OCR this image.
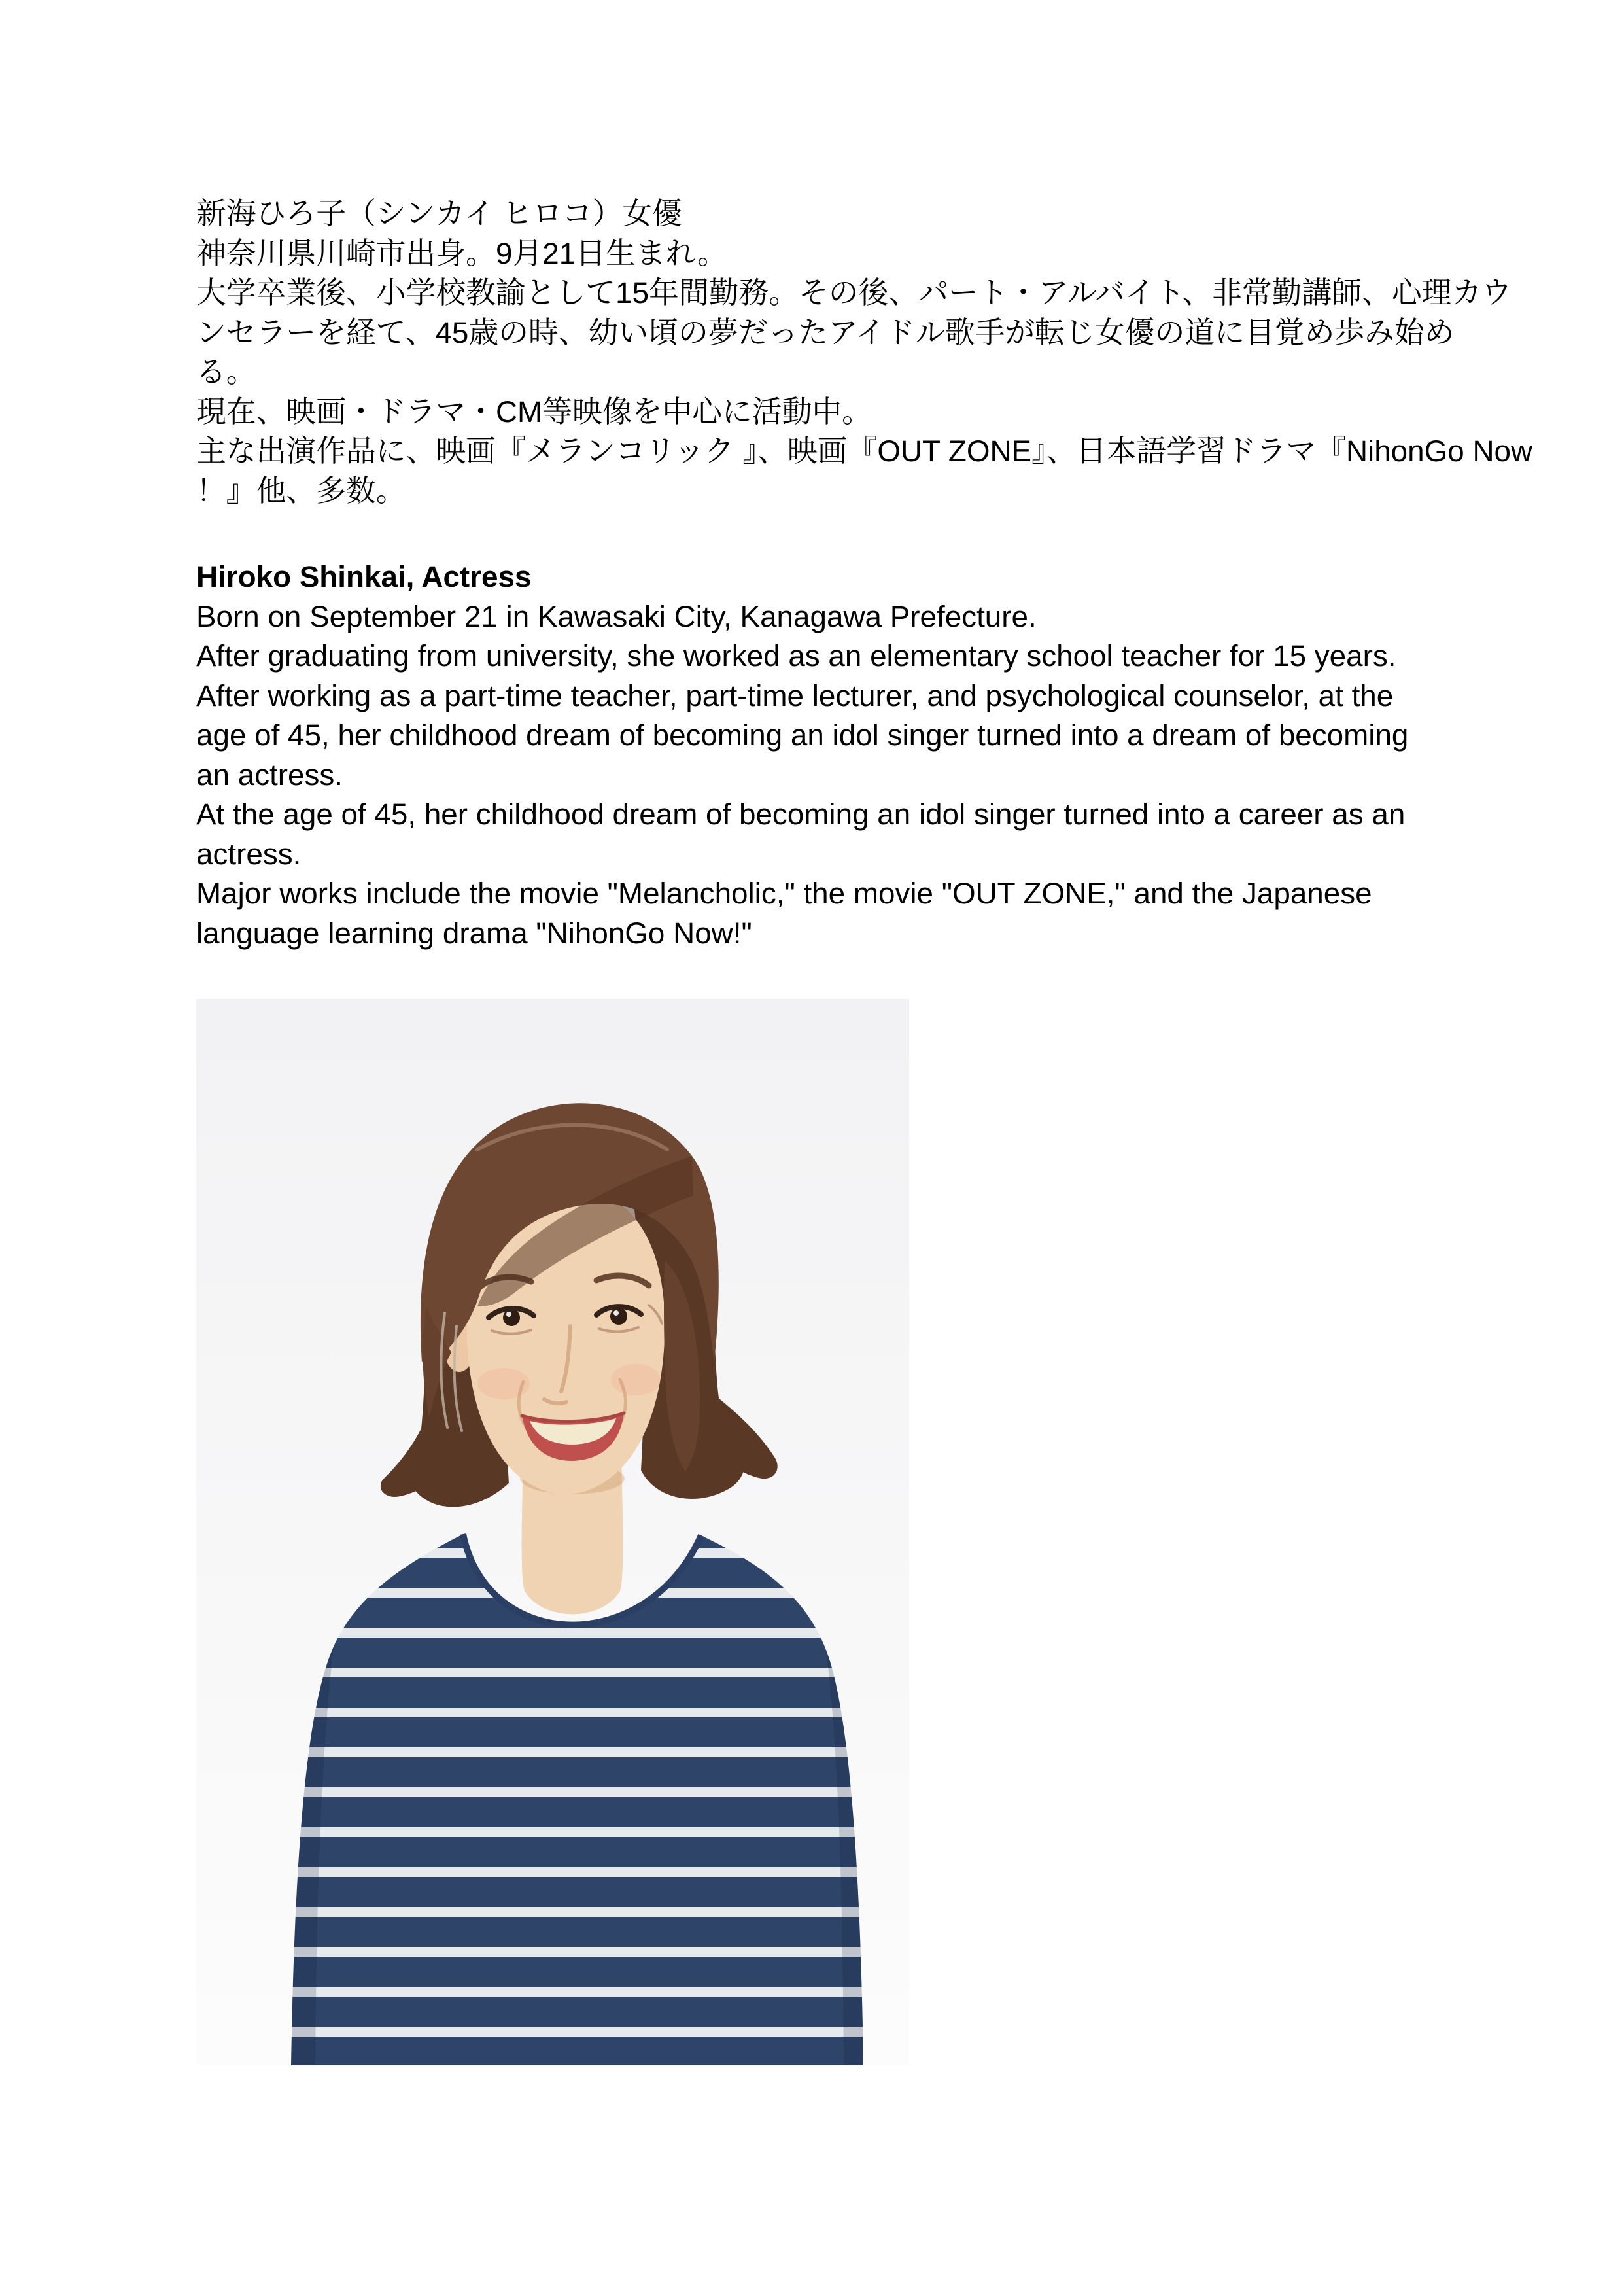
新海ひろ子（シンカイ ヒロコ）女優
神奈川県川崎市出身。9月21日生まれ。
大学卒業後、小学校教諭として15年間勤務。その後、パート・アルバイト、非常勤講師、心理カウ
ンセラーを経て、45歳の時、幼い頃の夢だったアイドル歌手が転じ女優の道に目覚め歩み始め
る。
現在、映画・ドラマ・CM等映像を中心に活動中。
主な出演作品に、映画『メランコリック 』、映画『OUT ZONE』、日本語学習ドラマ『NihonGo Now
！』他、多数。
Hiroko Shinkai, Actress
Born on September 21 in Kawasaki City, Kanagawa Prefecture.
After graduating from university, she worked as an elementary school teacher for 15 years.
After working as a part-time teacher, part-time lecturer, and psychological counselor, at the
age of 45, her childhood dream of becoming an idol singer turned into a dream of becoming
an actress.
At the age of 45, her childhood dream of becoming an idol singer turned into a career as an
actress.
Major works include the movie "Melancholic," the movie "OUT ZONE," and the Japanese
language learning drama "NihonGo Now!"
